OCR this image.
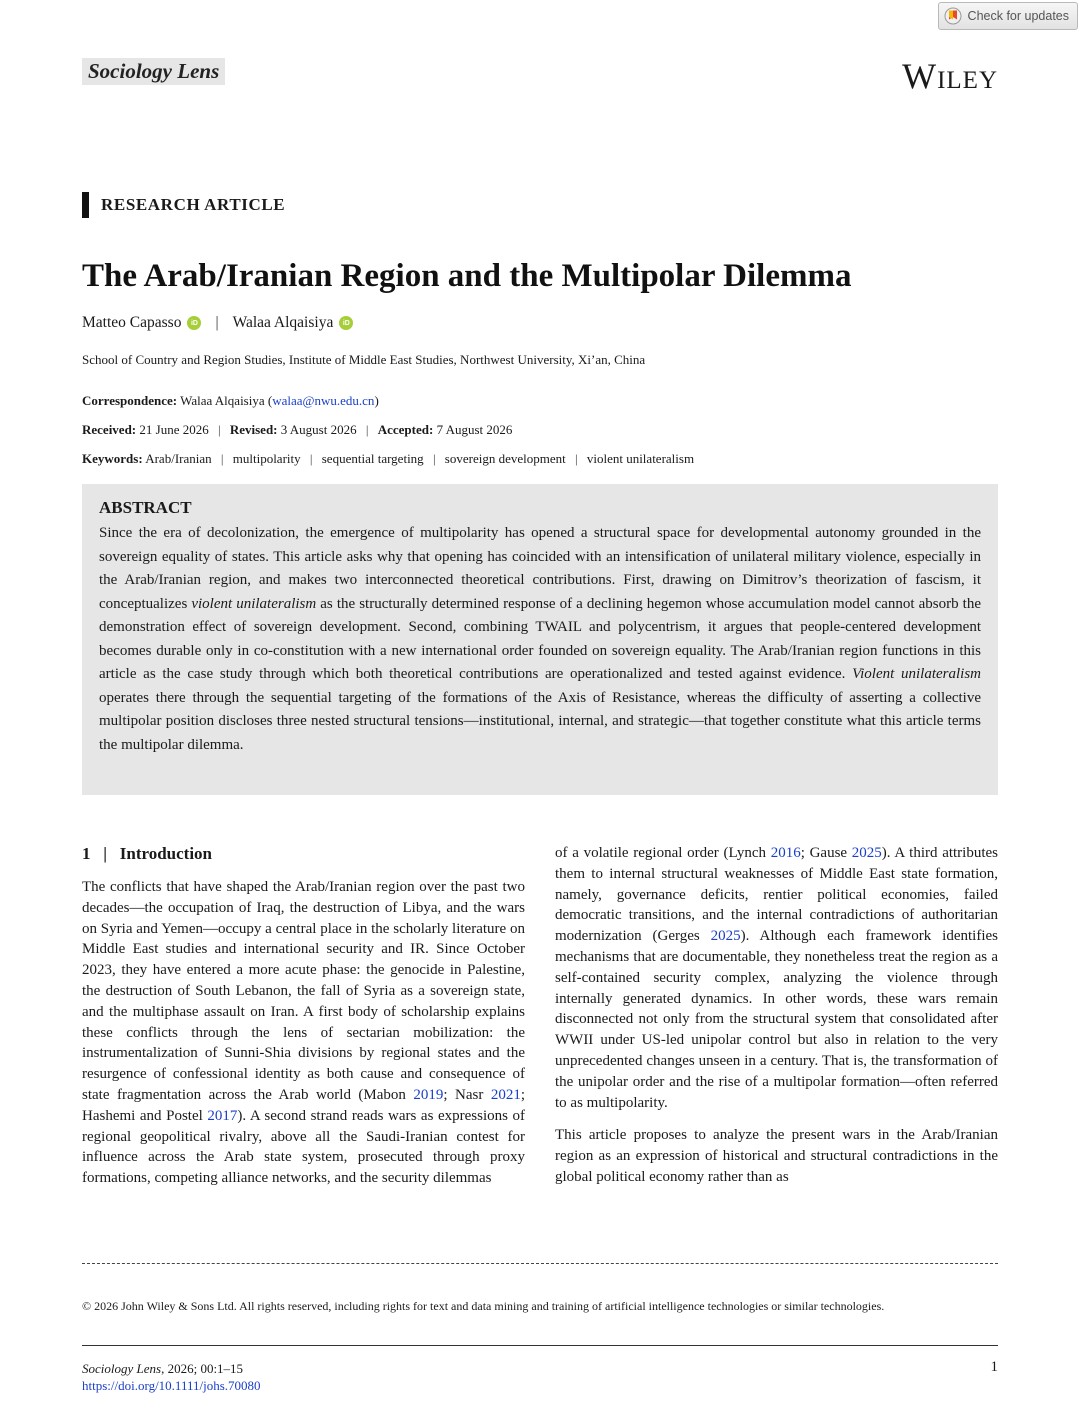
Check for updates
Sociology Lens	Wiley
RESEARCH ARTICLE
The Arab/Iranian Region and the Multipolar Dilemma
Matteo Capasso	iD | Walaa Alqaisiya	iD
School of Country and Region Studies, Institute of Middle East Studies, Northwest University, Xi’an, China
Correspondence: Walaa Alqaisiya (walaa@nwu.edu.cn)
Received: 21 June 2026 | Revised: 3 August 2026 | Accepted: 7 August 2026
Keywords: Arab/Iranian | multipolarity | sequential targeting | sovereign development | violent unilateralism
ABSTRACT

Since the era of decolonization, the emergence of multipolarity has opened a structural space for developmental autonomy grounded in the sovereign equality of states. This article asks why that opening has coincided with an intensification of unilateral military violence, especially in the Arab/Iranian region, and makes two interconnected theoretical contributions. First, drawing on Dimitrov’s theorization of fascism, it conceptualizes violent unilateralism as the structurally determined response of a declining hegemon whose accumulation model cannot absorb the demonstration effect of sovereign development. Second, combining TWAIL and polycentrism, it argues that people-centered development becomes durable only in co-constitution with a new international order founded on sovereign equality. The Arab/Iranian region functions in this article as the case study through which both theoretical contributions are operationalized and tested against evidence. Violent unilateralism operates there through the sequential targeting of the formations of the Axis of Resistance, whereas the difficulty of asserting a collective multipolar position discloses three nested structural tensions—institutional, internal, and strategic—that together constitute what this article terms the multipolar dilemma.

1 | Introduction

The conflicts that have shaped the Arab/Iranian region over the past two decades—the occupation of Iraq, the destruction of Libya, and the wars on Syria and Yemen—occupy a central place in the scholarly literature on Middle East studies and international security and IR. Since October 2023, they have entered a more acute phase: the genocide in Palestine, the destruction of South Lebanon, the fall of Syria as a sovereign state, and the multiphase assault on Iran. A first body of scholarship explains these conflicts through the lens of sectarian mobilization: the instrumentalization of Sunni-Shia divisions by regional states and the resurgence of confessional identity as both cause and consequence of state fragmentation across the Arab world (Mabon 2019; Nasr 2021; Hashemi and Postel 2017). A second strand reads wars as expressions of regional geopolitical rivalry, above all the Saudi-Iranian contest for influence across the Arab state system, prosecuted through proxy formations, competing alliance networks, and the security dilemmas

of a volatile regional order (Lynch 2016; Gause 2025). A third attributes them to internal structural weaknesses of Middle East state formation, namely, governance deficits, rentier political economies, failed democratic transitions, and the internal contradictions of authoritarian modernization (Gerges 2025). Although each framework identifies mechanisms that are documentable, they nonetheless treat the region as a self-contained security complex, analyzing the violence through internally generated dynamics. In other words, these wars remain disconnected not only from the structural system that consolidated after WWII under US-led unipolar control but also in relation to the very unprecedented changes unseen in a century. That is, the transformation of the unipolar order and the rise of a multipolar formation—often referred to as multipolarity.

This article proposes to analyze the present wars in the Arab/Iranian region as an expression of historical and structural contradictions in the global political economy rather than as

© 2026 John Wiley & Sons Ltd. All rights reserved, including rights for text and data mining and training of artificial intelligence technologies or similar technologies.
Sociology Lens, 2026; 00:1–15
https://doi.org/10.1111/johs.70080
1
